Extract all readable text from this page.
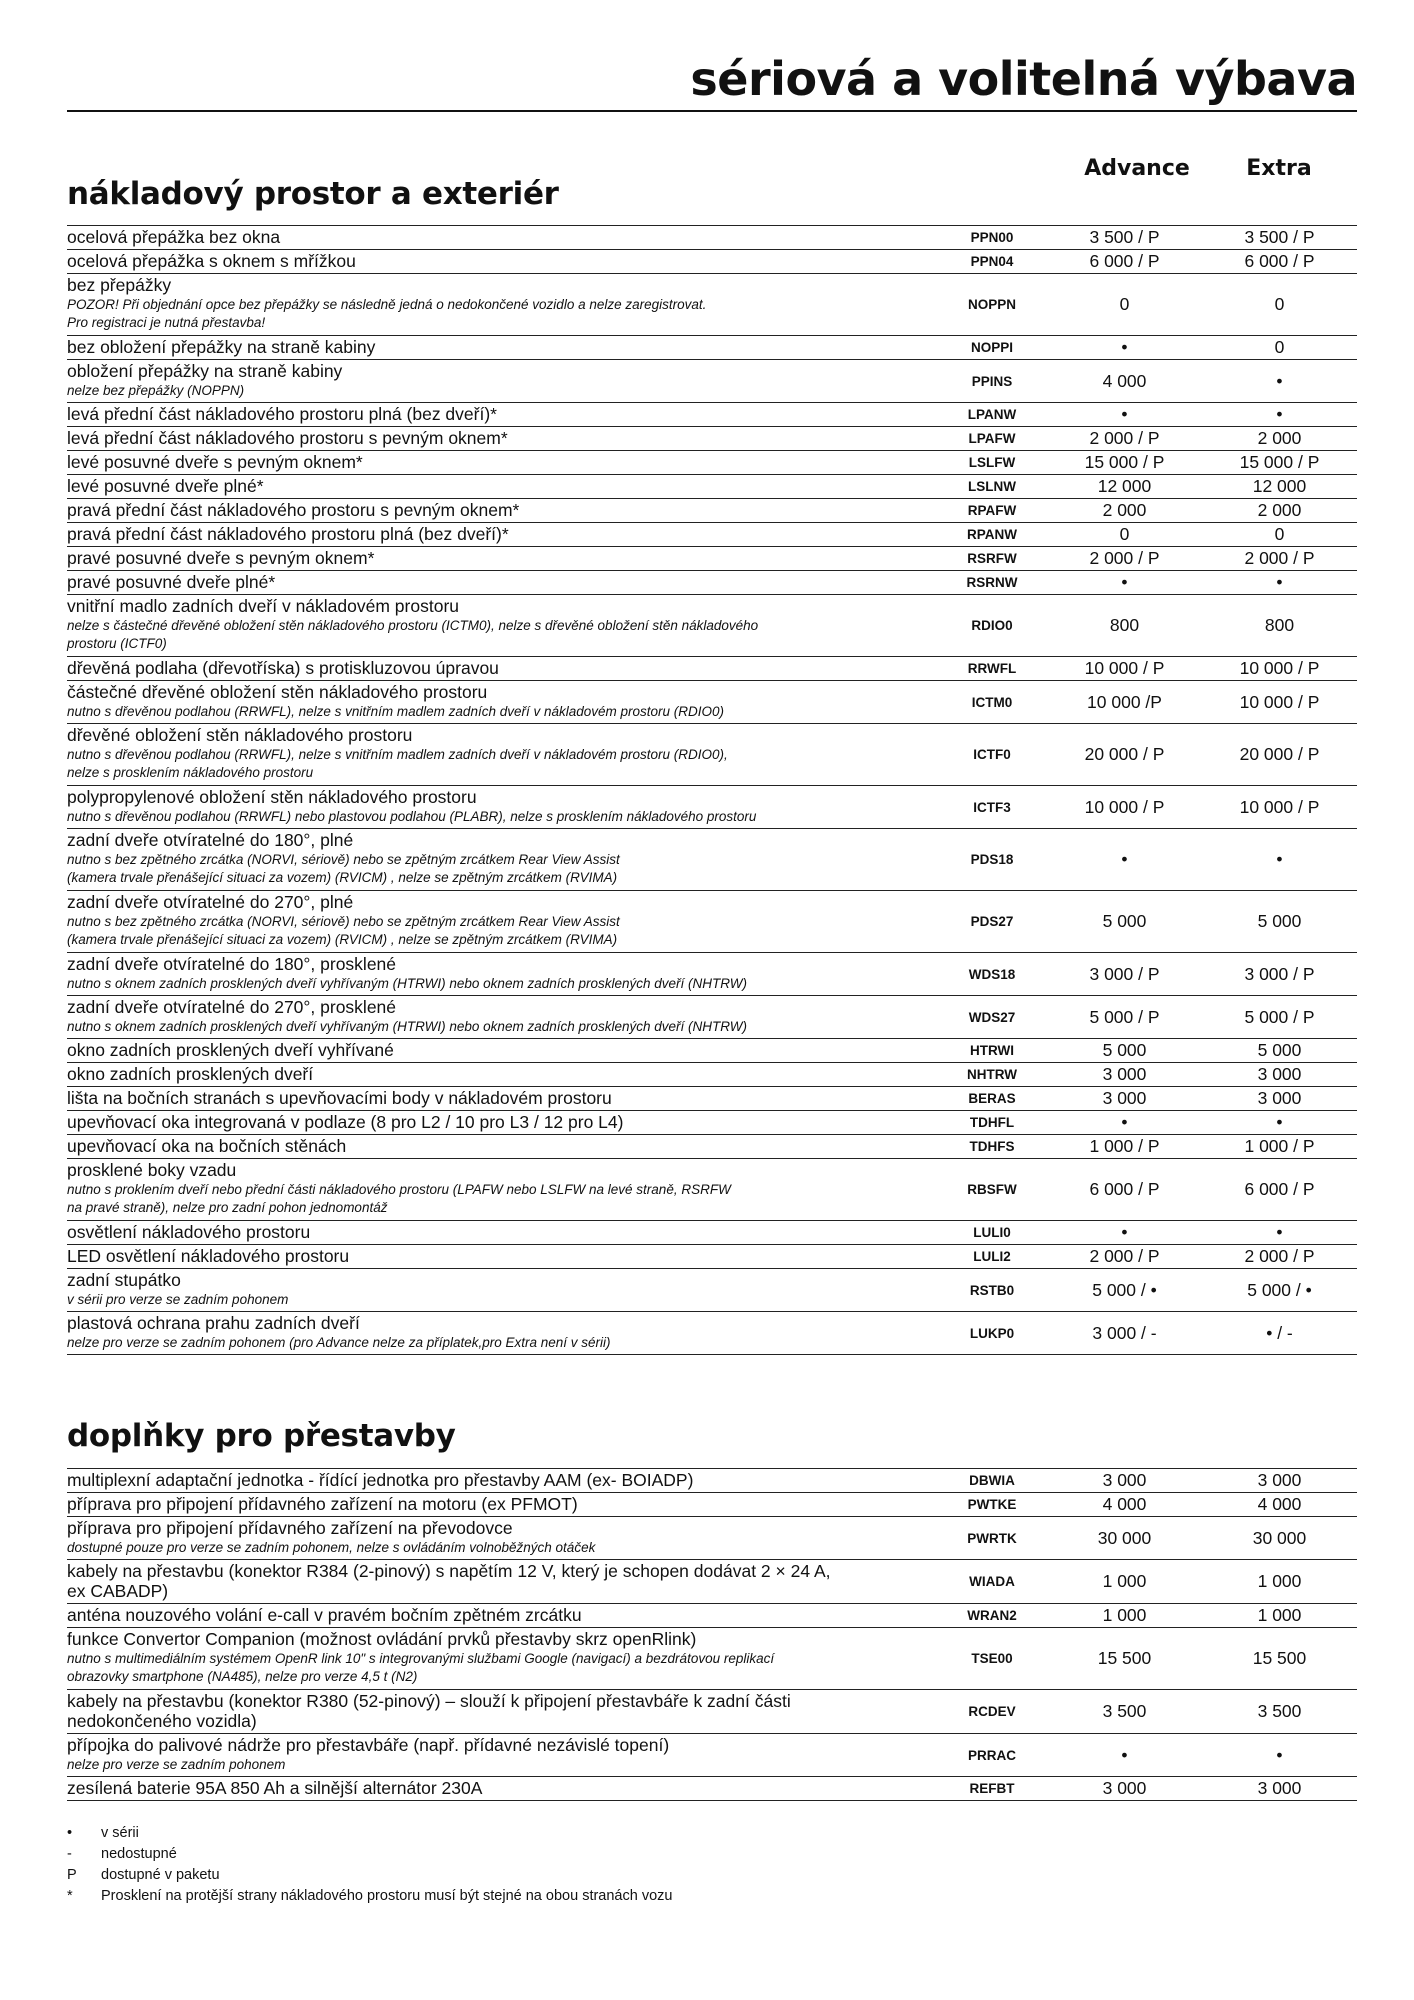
sériová a volitelná výbava
Advance	Extra
nákladový prostor a exteriér
ocelová přepážka bez okna	PPN00	3 500 / P	3 500 / P
ocelová přepážka s oknem s mřížkou	PPN04	6 000 / P	6 000 / P
bez přepážky
POZOR! Při objednání opce bez přepážky se následně jedná o nedokončené vozidlo a nelze zaregistrovat.
Pro registraci je nutná přestavba!
NOPPN	0	0
bez obložení přepážky na straně kabiny	NOPPI	•	0
obložení přepážky na straně kabiny
nelze bez přepážky (NOPPN)
PPINS	4 000	•
levá přední část nákladového prostoru plná (bez dveří)*	LPANW	•	•
levá přední část nákladového prostoru s pevným oknem*	LPAFW	2 000 / P	2 000
levé posuvné dveře s pevným oknem*	LSLFW	15 000 / P	15 000 / P
levé posuvné dveře plné*	LSLNW	12 000	12 000
pravá přední část nákladového prostoru s pevným oknem*	RPAFW	2 000	2 000
pravá přední část nákladového prostoru plná (bez dveří)*	RPANW	0	0
pravé posuvné dveře s pevným oknem*	RSRFW	2 000 / P	2 000 / P
pravé posuvné dveře plné*	RSRNW	•	•
vnitřní madlo zadních dveří v nákladovém prostoru
nelze s částečné dřevěné obložení stěn nákladového prostoru (ICTM0), nelze s dřevěné obložení stěn nákladového
prostoru (ICTF0)
RDIO0	800	800
dřevěná podlaha (dřevotříska) s protiskluzovou úpravou	RRWFL	10 000 / P	10 000 / P
částečné dřevěné obložení stěn nákladového prostoru
nutno s dřevěnou podlahou (RRWFL), nelze s vnitřním madlem zadních dveří v nákladovém prostoru (RDIO0)
ICTM0	10 000 /P	10 000 / P
dřevěné obložení stěn nákladového prostoru
nutno s dřevěnou podlahou (RRWFL), nelze s vnitřním madlem zadních dveří v nákladovém prostoru (RDIO0),
nelze s prosklením nákladového prostoru
ICTF0	20 000 / P	20 000 / P
polypropylenové obložení stěn nákladového prostoru
nutno s dřevěnou podlahou (RRWFL) nebo plastovou podlahou (PLABR), nelze s prosklením nákladového prostoru
ICTF3	10 000 / P	10 000 / P
zadní dveře otvíratelné do 180°, plné
nutno s bez zpětného zrcátka (NORVI, sériově) nebo se zpětným zrcátkem Rear View Assist
(kamera trvale přenášející situaci za vozem) (RVICM) , nelze se zpětným zrcátkem (RVIMA)
PDS18	•	•
zadní dveře otvíratelné do 270°, plné
nutno s bez zpětného zrcátka (NORVI, sériově) nebo se zpětným zrcátkem Rear View Assist
(kamera trvale přenášející situaci za vozem) (RVICM) , nelze se zpětným zrcátkem (RVIMA)
PDS27	5 000	5 000
zadní dveře otvíratelné do 180°, prosklené
nutno s oknem zadních prosklených dveří vyhřívaným (HTRWI) nebo oknem zadních prosklených dveří (NHTRW)
WDS18	3 000 / P	3 000 / P
zadní dveře otvíratelné do 270°, prosklené
nutno s oknem zadních prosklených dveří vyhřívaným (HTRWI) nebo oknem zadních prosklených dveří (NHTRW)
WDS27	5 000 / P	5 000 / P
okno zadních prosklených dveří vyhřívané	HTRWI	5 000	5 000
okno zadních prosklených dveří	NHTRW	3 000	3 000
lišta na bočních stranách s upevňovacími body v nákladovém prostoru	BERAS	3 000	3 000
upevňovací oka integrovaná v podlaze (8 pro L2 / 10 pro L3 / 12 pro L4)	TDHFL	•	•
upevňovací oka na bočních stěnách	TDHFS	1 000 / P	1 000 / P
prosklené boky vzadu
nutno s proklením dveří nebo přední části nákladového prostoru (LPAFW nebo LSLFW na levé straně, RSRFW
na pravé straně), nelze pro zadní pohon jednomontáž
RBSFW	6 000 / P	6 000 / P
osvětlení nákladového prostoru	LULI0	•	•
LED osvětlení nákladového prostoru	LULI2	2 000 / P	2 000 / P
zadní stupátko
v sérii pro verze se zadním pohonem
RSTB0	5 000 / •	5 000 / •
plastová ochrana prahu zadních dveří
nelze pro verze se zadním pohonem (pro Advance nelze za příplatek,pro Extra není v sérii)
LUKP0	3 000 / -	• / -
doplňky pro přestavby
multiplexní adaptační jednotka - řídící jednotka pro přestavby AAM (ex- BOIADP)	DBWIA	3 000	3 000
příprava pro připojení přídavného zařízení na motoru (ex PFMOT)	PWTKE	4 000	4 000
příprava pro připojení přídavného zařízení na převodovce
dostupné pouze pro verze se zadním pohonem, nelze s ovládáním volnoběžných otáček
PWRTK	30 000	30 000
kabely na přestavbu (konektor R384 (2-pinový) s napětím 12 V, který je schopen dodávat 2 × 24 A,
ex CABADP)	WIADA	1 000	1 000
anténa nouzového volání e-call v pravém bočním zpětném zrcátku	WRAN2	1 000	1 000
funkce Convertor Companion (možnost ovládání prvků přestavby skrz openRlink)
nutno s multimediálním systémem OpenR link 10" s integrovanými službami Google (navigací) a bezdrátovou replikací
obrazovky smartphone (NA485), nelze pro verze 4,5 t (N2)
TSE00	15 500	15 500
kabely na přestavbu (konektor R380 (52-pinový) – slouží k připojení přestavbáře k zadní části
nedokončeného vozidla)	RCDEV	3 500	3 500
přípojka do palivové nádrže pro přestavbáře (např. přídavné nezávislé topení)
nelze pro verze se zadním pohonem
PRRAC	•	•
zesílená baterie 95A 850 Ah a silnější alternátor 230A	REFBT	3 000	3 000
•	v sérii
-	nedostupné
P	dostupné v paketu
*	Prosklení na protější strany nákladového prostoru musí být stejné na obou stranách vozu
